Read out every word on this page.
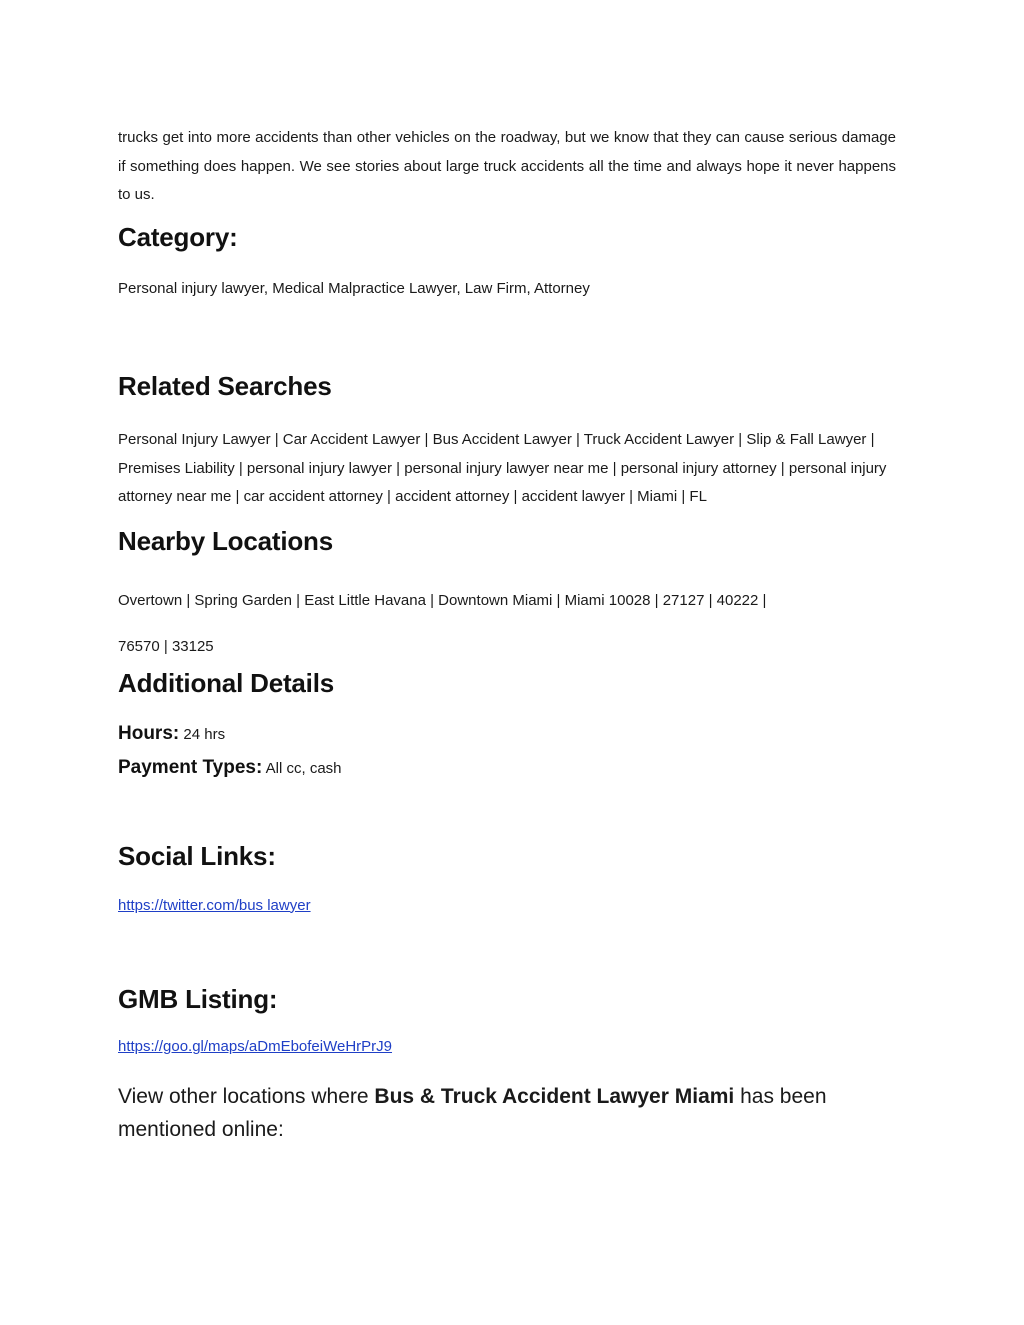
trucks get into more accidents than other vehicles on the roadway, but we know that they can cause serious damage if something does happen. We see stories about large truck accidents all the time and always hope it never happens to us.

Category:

Personal injury lawyer, Medical Malpractice Lawyer, Law Firm, Attorney

Related Searches

Personal Injury Lawyer | Car Accident Lawyer | Bus Accident Lawyer | Truck Accident Lawyer | Slip & Fall Lawyer | Premises Liability | personal injury lawyer | personal injury lawyer near me | personal injury attorney | personal injury attorney near me | car accident attorney | accident attorney | accident lawyer | Miami | FL

Nearby Locations

Overtown | Spring Garden | East Little Havana | Downtown Miami | Miami 10028 | 27127 | 40222 |

76570 | 33125

Additional Details

Hours: 24 hrs

Payment Types: All cc, cash

Social Links:

https://twitter.com/bus lawyer

GMB Listing:

https://goo.gl/maps/aDmEbofeiWeHrPrJ9

View other locations where Bus & Truck Accident Lawyer Miami has been mentioned online:
